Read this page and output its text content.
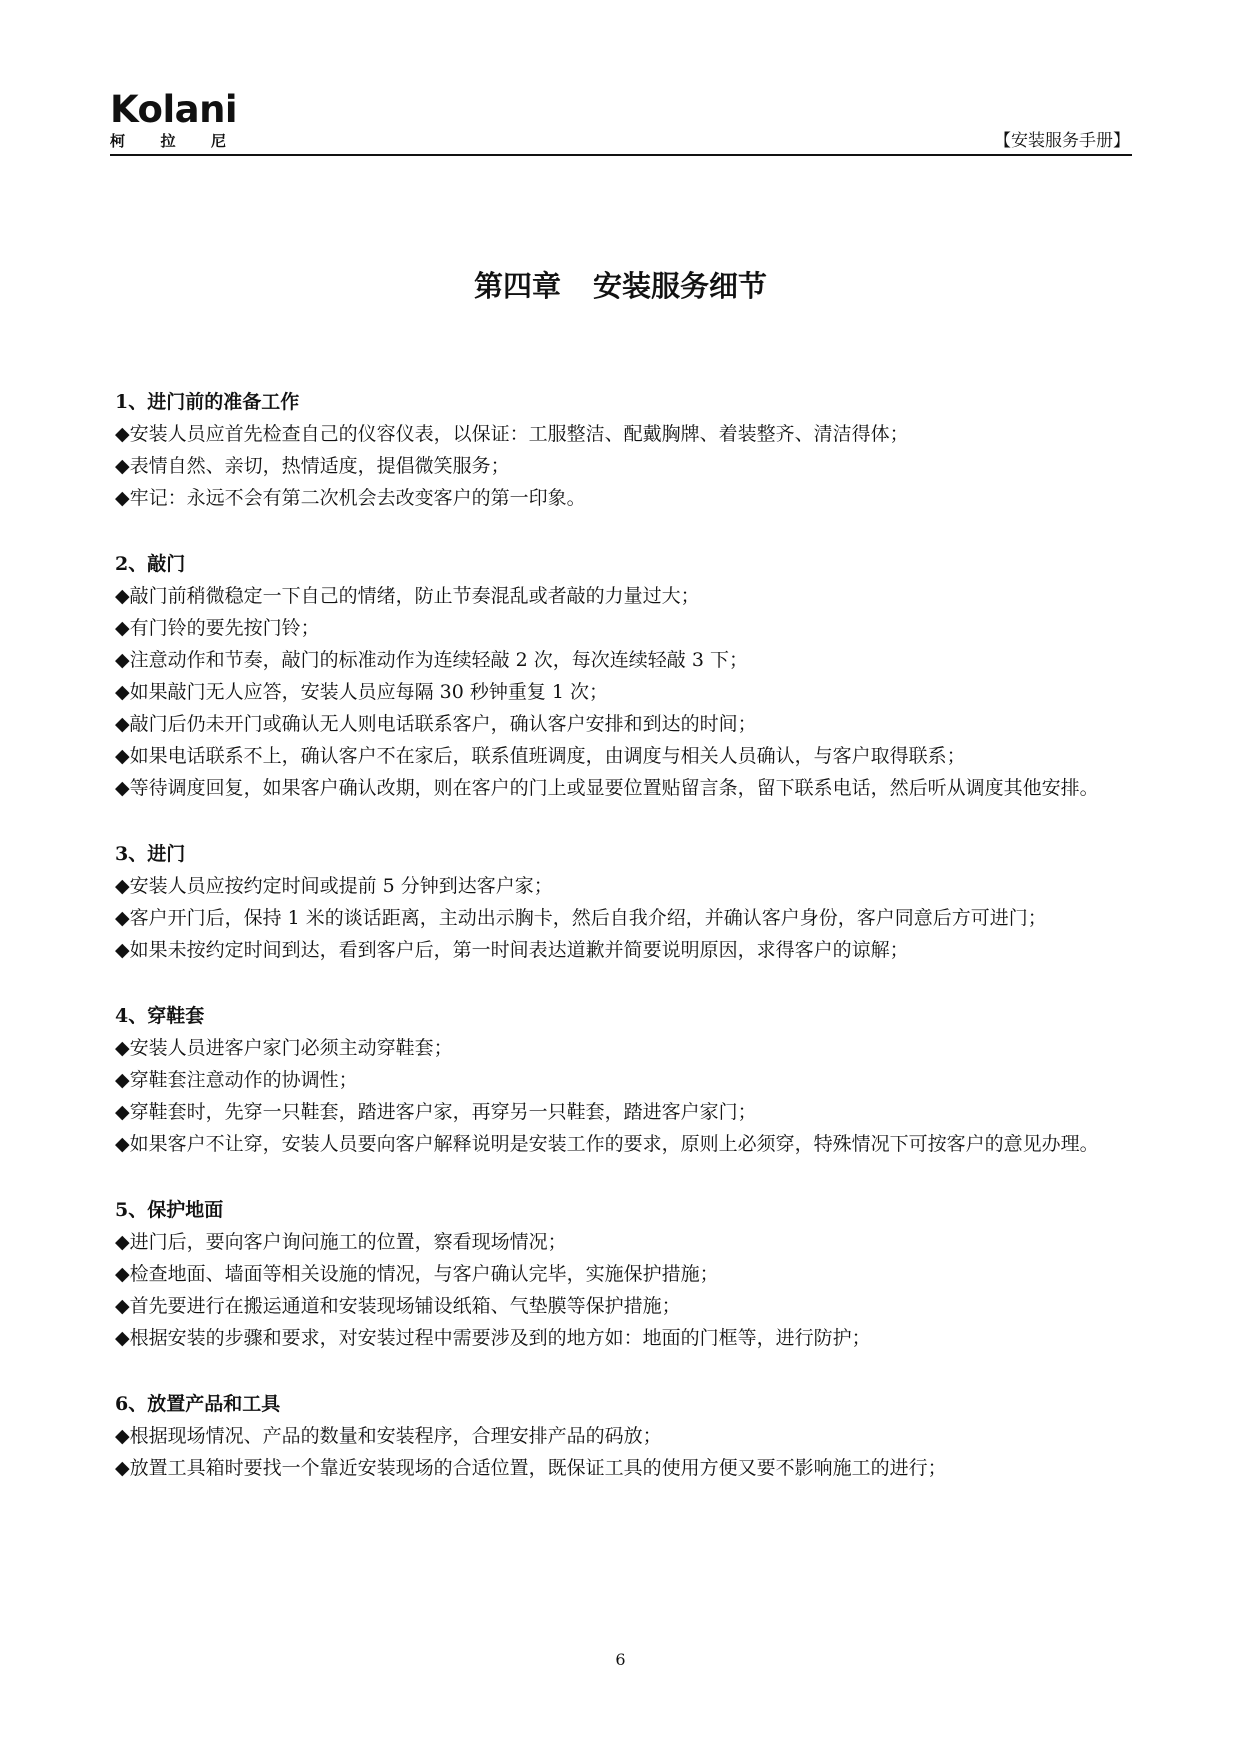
Kolani
柯 拉 尼	【安装服务手册】
第四章 安装服务细节
1、进门前的准备工作
◆安装人员应首先检查自己的仪容仪表，以保证：工服整洁、配戴胸牌、着装整齐、清洁得体；
◆表情自然、亲切，热情适度，提倡微笑服务；
◆牢记：永远不会有第二次机会去改变客户的第一印象。
2、敲门
◆敲门前稍微稳定一下自己的情绪，防止节奏混乱或者敲的力量过大；
◆有门铃的要先按门铃；
◆注意动作和节奏，敲门的标准动作为连续轻敲 2 次，每次连续轻敲 3 下；
◆如果敲门无人应答，安装人员应每隔 30 秒钟重复 1 次；
◆敲门后仍未开门或确认无人则电话联系客户，确认客户安排和到达的时间；
◆如果电话联系不上，确认客户不在家后，联系值班调度，由调度与相关人员确认，与客户取得联系；
◆等待调度回复，如果客户确认改期，则在客户的门上或显要位置贴留言条，留下联系电话，然后听从调度其他安排。
3、进门
◆安装人员应按约定时间或提前 5 分钟到达客户家；
◆客户开门后，保持 1 米的谈话距离，主动出示胸卡，然后自我介绍，并确认客户身份，客户同意后方可进门；
◆如果未按约定时间到达，看到客户后，第一时间表达道歉并简要说明原因，求得客户的谅解；
4、穿鞋套
◆安装人员进客户家门必须主动穿鞋套；
◆穿鞋套注意动作的协调性；
◆穿鞋套时，先穿一只鞋套，踏进客户家，再穿另一只鞋套，踏进客户家门；
◆如果客户不让穿，安装人员要向客户解释说明是安装工作的要求，原则上必须穿，特殊情况下可按客户的意见办理。
5、保护地面
◆进门后，要向客户询问施工的位置，察看现场情况；
◆检查地面、墙面等相关设施的情况，与客户确认完毕，实施保护措施；
◆首先要进行在搬运通道和安装现场铺设纸箱、气垫膜等保护措施；
◆根据安装的步骤和要求，对安装过程中需要涉及到的地方如：地面的门框等，进行防护；
6、放置产品和工具
◆根据现场情况、产品的数量和安装程序，合理安排产品的码放；
◆放置工具箱时要找一个靠近安装现场的合适位置，既保证工具的使用方便又要不影响施工的进行；
6
